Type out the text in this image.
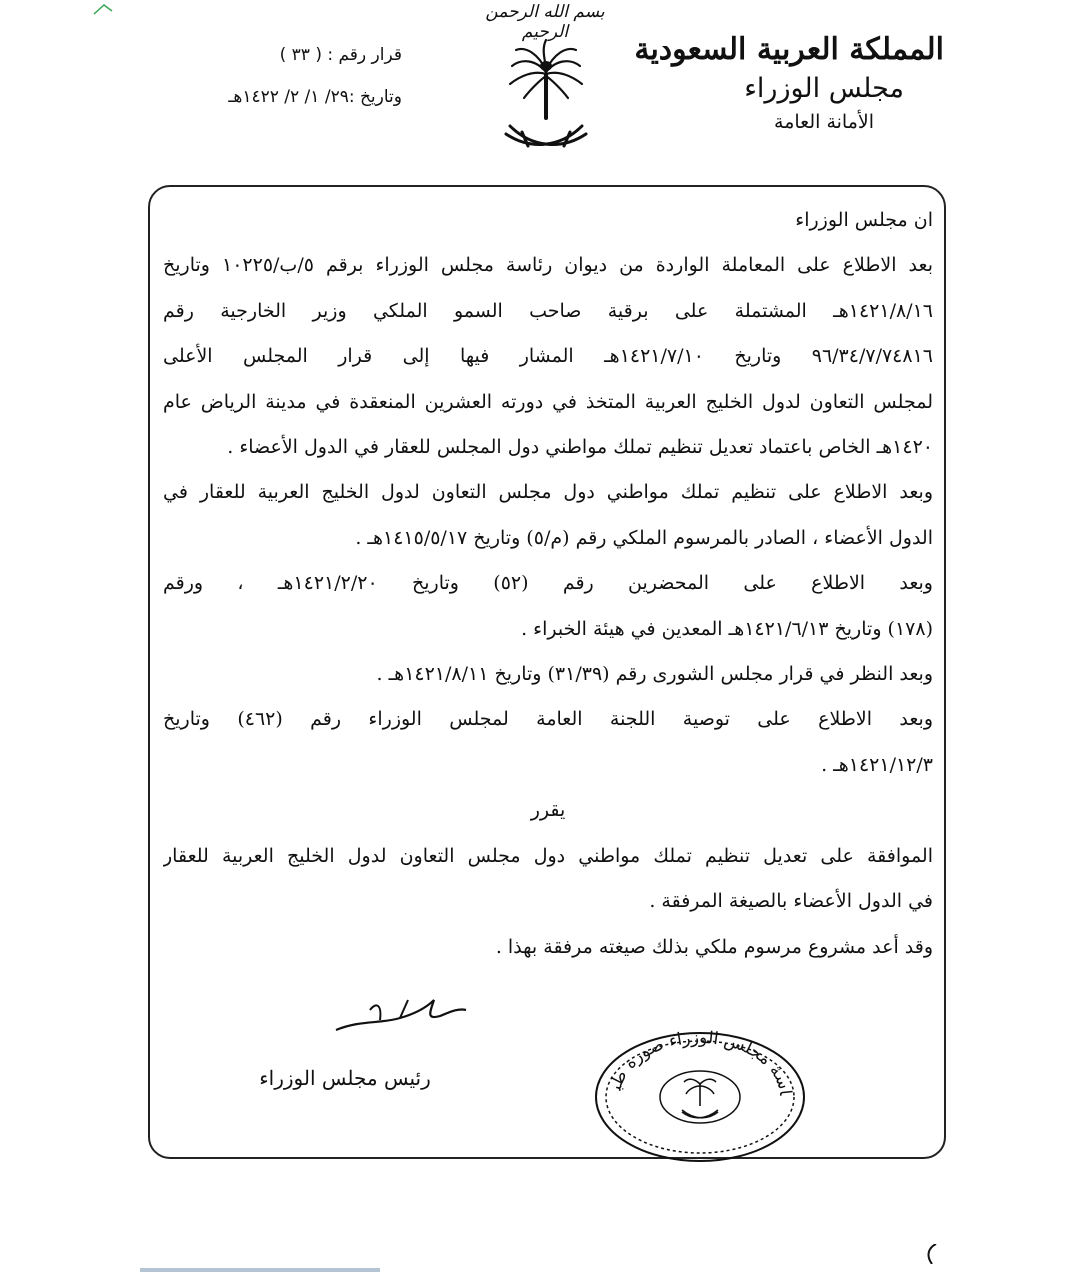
بسم الله الرحمن الرحيم	المملكة العربية السعودية
مجلس الوزراء
الأمانة العامة
قرار رقم : ( ٣٣ )
وتاريخ :٢٩/ ١/ ٢/ ١٤٢٢هـ
ان مجلس الوزراء
بعد الاطلاع على المعاملة الواردة من ديوان رئاسة مجلس الوزراء برقم ٥/ب/١٠٢٢٥ وتاريخ
١٤٢١/٨/١٦هـ المشتملة على برقية صاحب السمو الملكي وزير الخارجية رقم
٩٦/٣٤/٧/٧٤٨١٦ وتاريخ ١٤٢١/٧/١٠هـ المشار فيها إلى قرار المجلس الأعلى
لمجلس التعاون لدول الخليج العربية المتخذ في دورته العشرين المنعقدة في مدينة الرياض عام
١٤٢٠هـ الخاص باعتماد تعديل تنظيم تملك مواطني دول المجلس للعقار في الدول الأعضاء .
وبعد الاطلاع على تنظيم تملك مواطني دول مجلس التعاون لدول الخليج العربية للعقار في
الدول الأعضاء ، الصادر بالمرسوم الملكي رقم (م/٥) وتاريخ ١٤١٥/٥/١٧هـ .
وبعد الاطلاع على المحضرين رقم (٥٢) وتاريخ ١٤٢١/٢/٢٠هـ ، ورقم
(١٧٨) وتاريخ ١٤٢١/٦/١٣هـ المعدين في هيئة الخبراء .
وبعد النظر في قرار مجلس الشورى رقم (٣١/٣٩) وتاريخ ١٤٢١/٨/١١هـ .
وبعد الاطلاع على توصية اللجنة العامة لمجلس الوزراء رقم (٤٦٢) وتاريخ
١٤٢١/١٢/٣هـ .
يقرر
الموافقة على تعديل تنظيم تملك مواطني دول مجلس التعاون لدول الخليج العربية للعقار
في الدول الأعضاء بالصيغة المرفقة .
وقد أعد مشروع مرسوم ملكي بذلك صيغته مرفقة بهذا .
رئيس مجلس الوزراء
اسة مجلس الوزراء صورة طب
